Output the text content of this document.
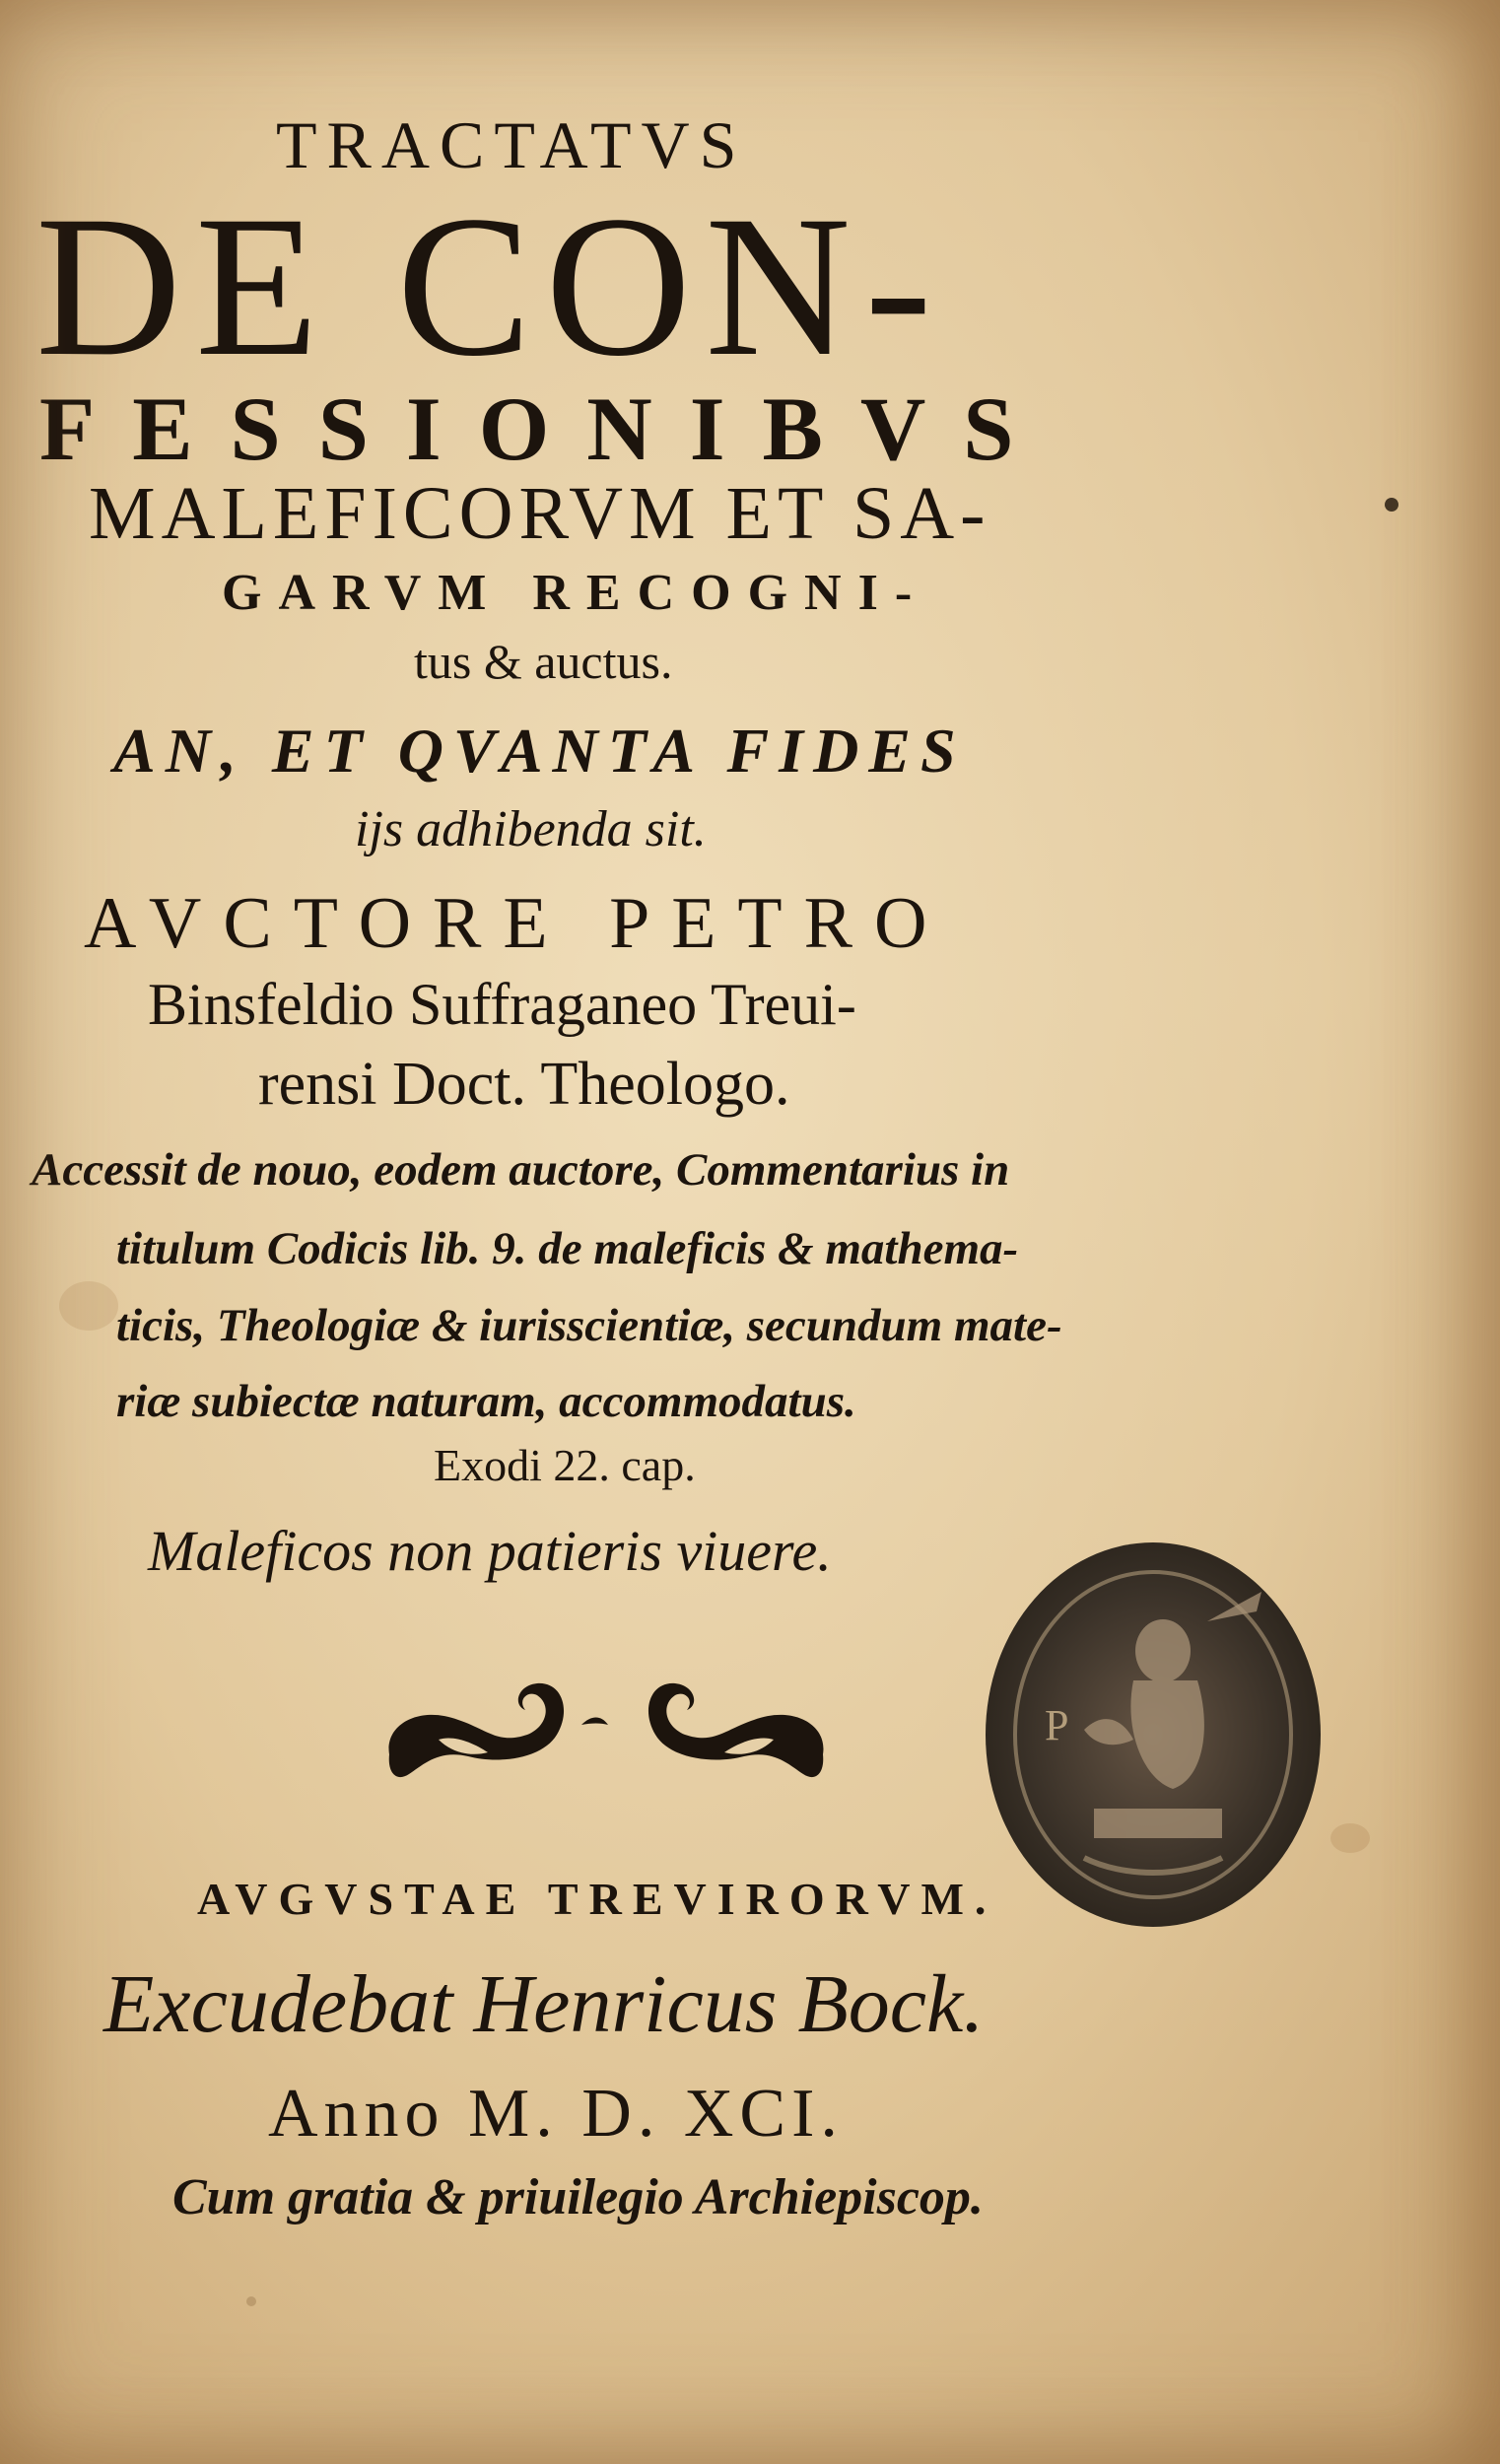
TRACTATVS
DE CON-
FESSIONIBVS
MALEFICORVM ET SA-
GARVM RECOGNI-
tus & auctus.
AN, ET QVANTA FIDES
ijs adhibenda sit.
AVCTORE PETRO
Binsfeldio Suffraganeo Treui-
rensi Doct. Theologo.
Accessit de nouo, eodem auctore, Commentarius in
titulum Codicis lib. 9. de maleficis & mathema-
ticis, Theologiæ & iurisscientiæ, secundum mate-
riæ subiectæ naturam, accommodatus.
Exodi 22. cap.
Maleficos non patieris viuere.
P
AVGVSTAE TREVIRORVM.
Excudebat Henricus Bock.
Anno M. D. XCI.
Cum gratia & priuilegio Archiepiscop.
